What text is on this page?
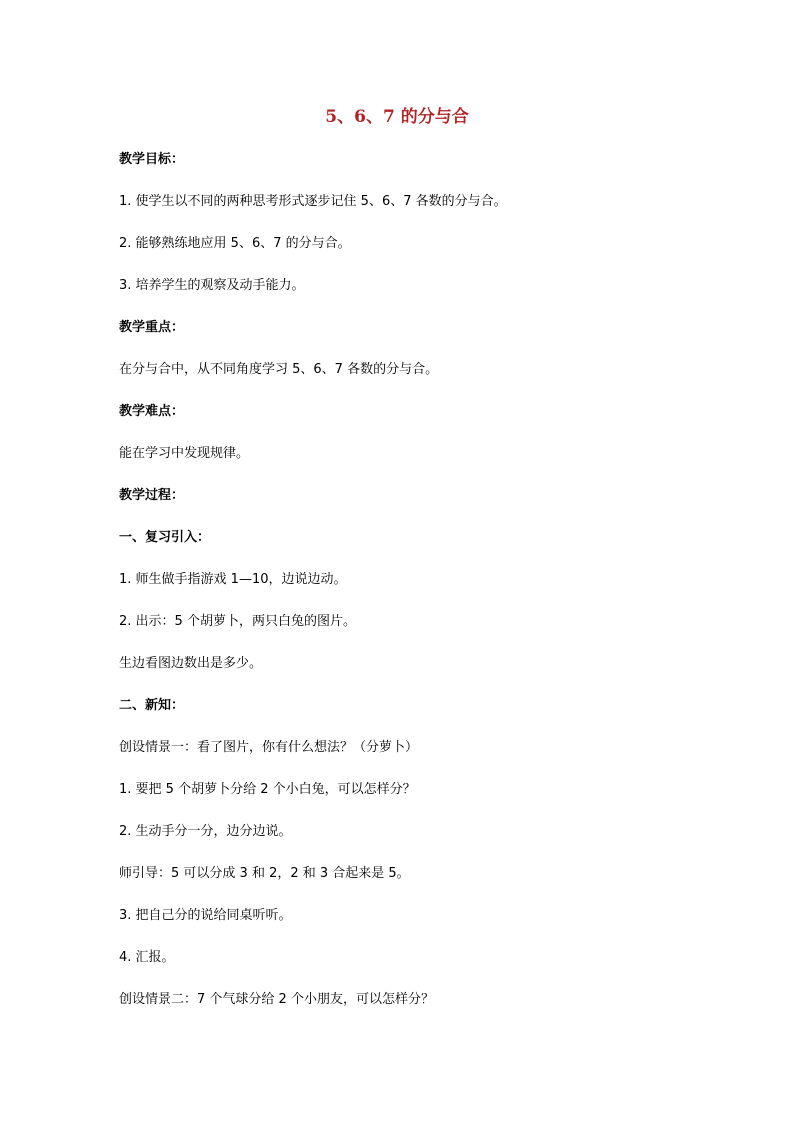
5、6、7 的分与合
教学目标：
1. 使学生以不同的两种思考形式逐步记住 5、6、7 各数的分与合。
2. 能够熟练地应用 5、6、7 的分与合。
3. 培养学生的观察及动手能力。
教学重点：
在分与合中，从不同角度学习 5、6、7 各数的分与合。
教学难点：
能在学习中发现规律。
教学过程：
一、复习引入：
1. 师生做手指游戏 1—10，边说边动。
2. 出示：5 个胡萝卜，两只白兔的图片。
生边看图边数出是多少。
二、新知：
创设情景一：看了图片，你有什么想法？（分萝卜）
1. 要把 5 个胡萝卜分给 2 个小白兔，可以怎样分？
2. 生动手分一分，边分边说。
师引导：5 可以分成 3 和 2，2 和 3 合起来是 5。
3. 把自己分的说给同桌听听。
4. 汇报。
创设情景二：7 个气球分给 2 个小朋友，可以怎样分？
